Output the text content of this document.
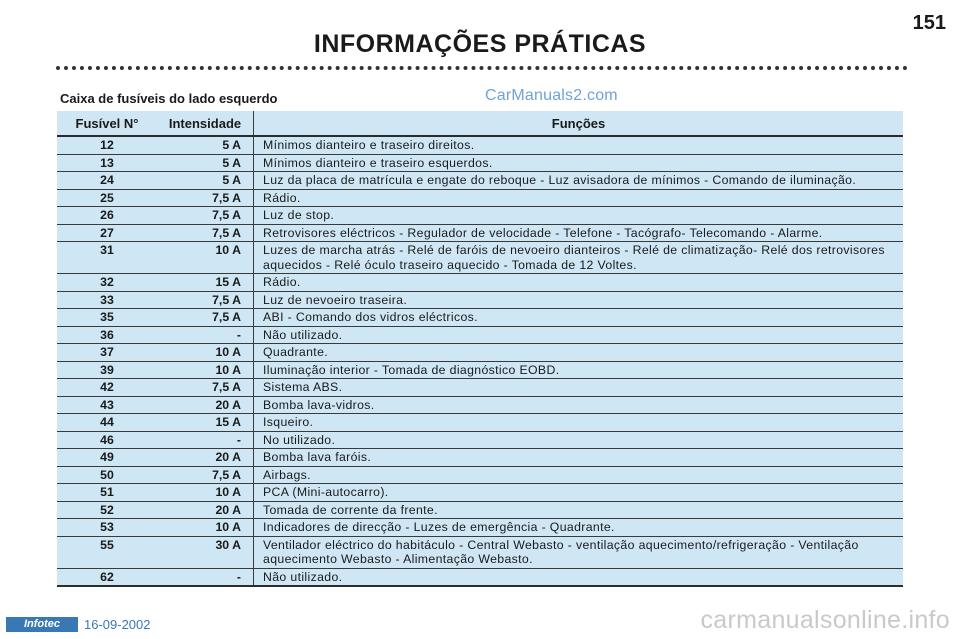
151
INFORMAÇÕES PRÁTICAS
Caixa de fusíveis do lado esquerdo	CarManuals2.com
Fusível N°	Intensidade	Funções
12	5 A	Mínimos dianteiro e traseiro direitos.
13	5 A	Mínimos dianteiro e traseiro esquerdos.
24	5 A	Luz da placa de matrícula e engate do reboque - Luz avisadora de mínimos - Comando de iluminação.
25	7,5 A	Rádio.
26	7,5 A	Luz de stop.
27	7,5 A	Retrovisores eléctricos - Regulador de velocidade - Telefone - Tacógrafo- Telecomando - Alarme.
31	10 A	Luzes de marcha atrás - Relé de faróis de nevoeiro dianteiros - Relé de climatização- Relé dos retrovisores aquecidos - Relé óculo traseiro aquecido - Tomada de 12 Voltes.
32	15 A	Rádio.
33	7,5 A	Luz de nevoeiro traseira.
35	7,5 A	ABI - Comando dos vidros eléctricos.
36	-	Não utilizado.
37	10 A	Quadrante.
39	10 A	Iluminação interior - Tomada de diagnóstico EOBD.
42	7,5 A	Sistema ABS.
43	20 A	Bomba lava-vidros.
44	15 A	Isqueiro.
46	-	No utilizado.
49	20 A	Bomba lava faróis.
50	7,5 A	Airbags.
51	10 A	PCA (Mini-autocarro).
52	20 A	Tomada de corrente da frente.
53	10 A	Indicadores de direcção - Luzes de emergência - Quadrante.
55	30 A	Ventilador eléctrico do habitáculo - Central Webasto - ventilação aquecimento/refrigeração - Ventilação aquecimento Webasto - Alimentação Webasto.
62	-	Não utilizado.
Infotec	16-09-2002	carmanualsonline.info
